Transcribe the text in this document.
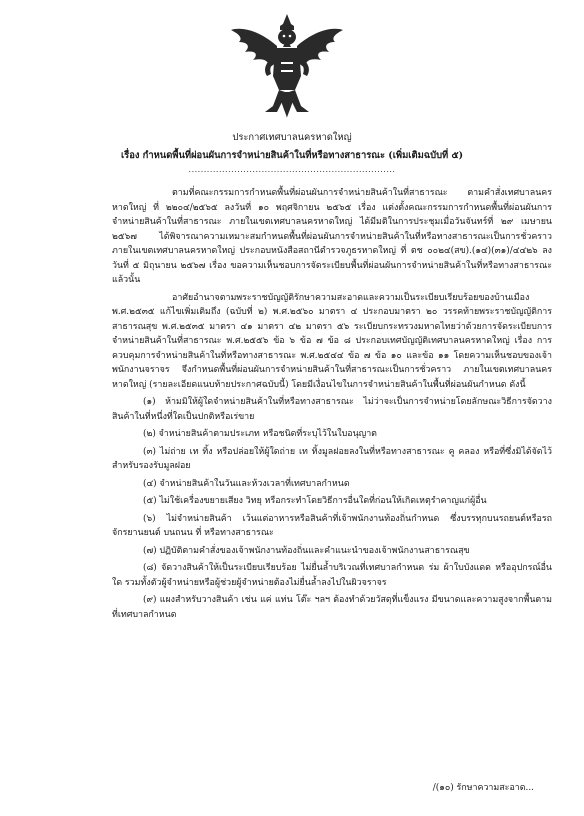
ประกาศเทศบาลนครหาดใหญ่
เรื่อง กำหนดพื้นที่ผ่อนผันการจำหน่ายสินค้าในที่หรือทางสาธารณะ (เพิ่มเติมฉบับที่ ๕)
....................................................................

ตามที่คณะกรรมการกำหนดพื้นที่ผ่อนผันการจำหน่ายสินค้าในที่สาธารณะ ตามคำสั่งเทศบาลนครหาดใหญ่ ที่ ๒๒๐๔/๒๕๖๕ ลงวันที่ ๑๐ พฤศจิกายน ๒๕๖๕ เรื่อง แต่งตั้งคณะกรรมการกำหนดพื้นที่ผ่อนผันการจำหน่ายสินค้าในที่สาธารณะ ภายในเขตเทศบาลนครหาดใหญ่ ได้มีมติในการประชุมเมื่อวันจันทร์ที่ ๒๙ เมษายน ๒๕๖๗ ได้พิจารณาความเหมาะสมกำหนดพื้นที่ผ่อนผันการจำหน่ายสินค้าในที่หรือทางสาธารณะเป็นการชั่วคราว ภายในเขตเทศบาลนครหาดใหญ่ ประกอบหนังสือสถานีตำรวจภูธรหาดใหญ่ ที่ ตช ๐๐๒๔(สข).(๑๔)(๓๑)/๔๔๒๖ ลงวันที่ ๕ มิถุนายน ๒๕๖๗ เรื่อง ขอความเห็นชอบการจัดระเบียบพื้นที่ผ่อนผันการจำหน่ายสินค้าในที่หรือทางสาธารณะ แล้วนั้น

อาศัยอำนาจตามพระราชบัญญัติรักษาความสะอาดและความเป็นระเบียบเรียบร้อยของบ้านเมือง พ.ศ.๒๕๓๕ แก้ไขเพิ่มเติมถึง (ฉบับที่ ๒) พ.ศ.๒๕๖๐ มาตรา ๔ ประกอบมาตรา ๒๐ วรรคท้ายพระราชบัญญัติการสาธารณสุข พ.ศ.๒๕๓๕ มาตรา ๔๑ มาตรา ๔๒ มาตรา ๕๖ ระเบียบกระทรวงมหาดไทยว่าด้วยการจัดระเบียบการจำหน่ายสินค้าในที่สาธารณะ พ.ศ.๒๕๕๖ ข้อ ๖ ข้อ ๗ ข้อ ๘ ประกอบเทศบัญญัติเทศบาลนครหาดใหญ่ เรื่อง การควบคุมการจำหน่ายสินค้าในที่หรือทางสาธารณะ พ.ศ.๒๕๔๔ ข้อ ๗ ข้อ ๑๐ และข้อ ๑๑ โดยความเห็นชอบของเจ้าพนักงานจราจร จึงกำหนดพื้นที่ผ่อนผันการจำหน่ายสินค้าในที่สาธารณะเป็นการชั่วคราว ภายในเขตเทศบาลนครหาดใหญ่ (รายละเอียดแนบท้ายประกาศฉบับนี้) โดยมีเงื่อนไขในการจำหน่ายสินค้าในพื้นที่ผ่อนผันกำหนด ดังนี้

(๑) ห้ามมิให้ผู้ใดจำหน่ายสินค้าในที่หรือทางสาธารณะ ไม่ว่าจะเป็นการจำหน่ายโดยลักษณะวิธีการจัดวางสินค้าในที่หนึ่งที่ใดเป็นปกติหรือเร่ขาย

(๒) จำหน่ายสินค้าตามประเภท หรือชนิดที่ระบุไว้ในใบอนุญาต

(๓) ไม่ถ่าย เท ทิ้ง หรือปล่อยให้ผู้ใดถ่าย เท ทิ้งมูลฝอยลงในที่หรือทางสาธารณะ คู คลอง หรือที่ซึ่งมิได้จัดไว้สำหรับรองรับมูลฝอย

(๔) จำหน่ายสินค้าในวันและห้วงเวลาที่เทศบาลกำหนด

(๕) ไม่ใช้เครื่องขยายเสียง วิทยุ หรือกระทำโดยวิธีการอื่นใดที่ก่อนให้เกิดเหตุรำคาญแก่ผู้อื่น

(๖) ไม่จำหน่ายสินค้า เว้นแต่อาหารหรือสินค้าที่เจ้าพนักงานท้องถิ่นกำหนด ซึ่งบรรทุกบนรถยนต์หรือรถจักรยานยนต์ บนถนน ที่ หรือทางสาธารณะ

(๗) ปฏิบัติตามคำสั่งของเจ้าพนักงานท้องถิ่นและคำแนะนำของเจ้าพนักงานสาธารณสุข

(๘) จัดวางสินค้าให้เป็นระเบียบเรียบร้อย ไม่ยื่นล้ำบริเวณที่เทศบาลกำหนด ร่ม ผ้าใบบังแดด หรืออุปกรณ์อื่นใด รวมทั้งตัวผู้จำหน่ายหรือผู้ช่วยผู้จำหน่ายต้องไม่ยื่นล้ำลงไปในผิวจราจร

(๙) แผงสำหรับวางสินค้า เช่น แค่ แท่น โต๊ะ ฯลฯ ต้องทำด้วยวัสดุที่แข็งแรง มีขนาดและความสูงจากพื้นตามที่เทศบาลกำหนด

/(๑๐) รักษาความสะอาด...
